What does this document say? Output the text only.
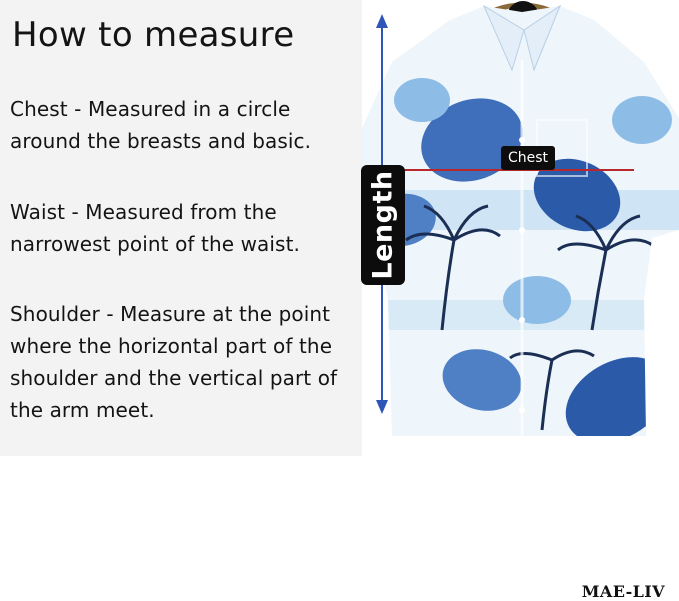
How to measure

Chest - Measured in a circle around the breasts and basic.

Waist - Measured from the narrowest point of the waist.

Shoulder - Measure at the point where the horizontal part of the shoulder and the vertical part of the arm meet.

Length
Chest

MAE-LIV
